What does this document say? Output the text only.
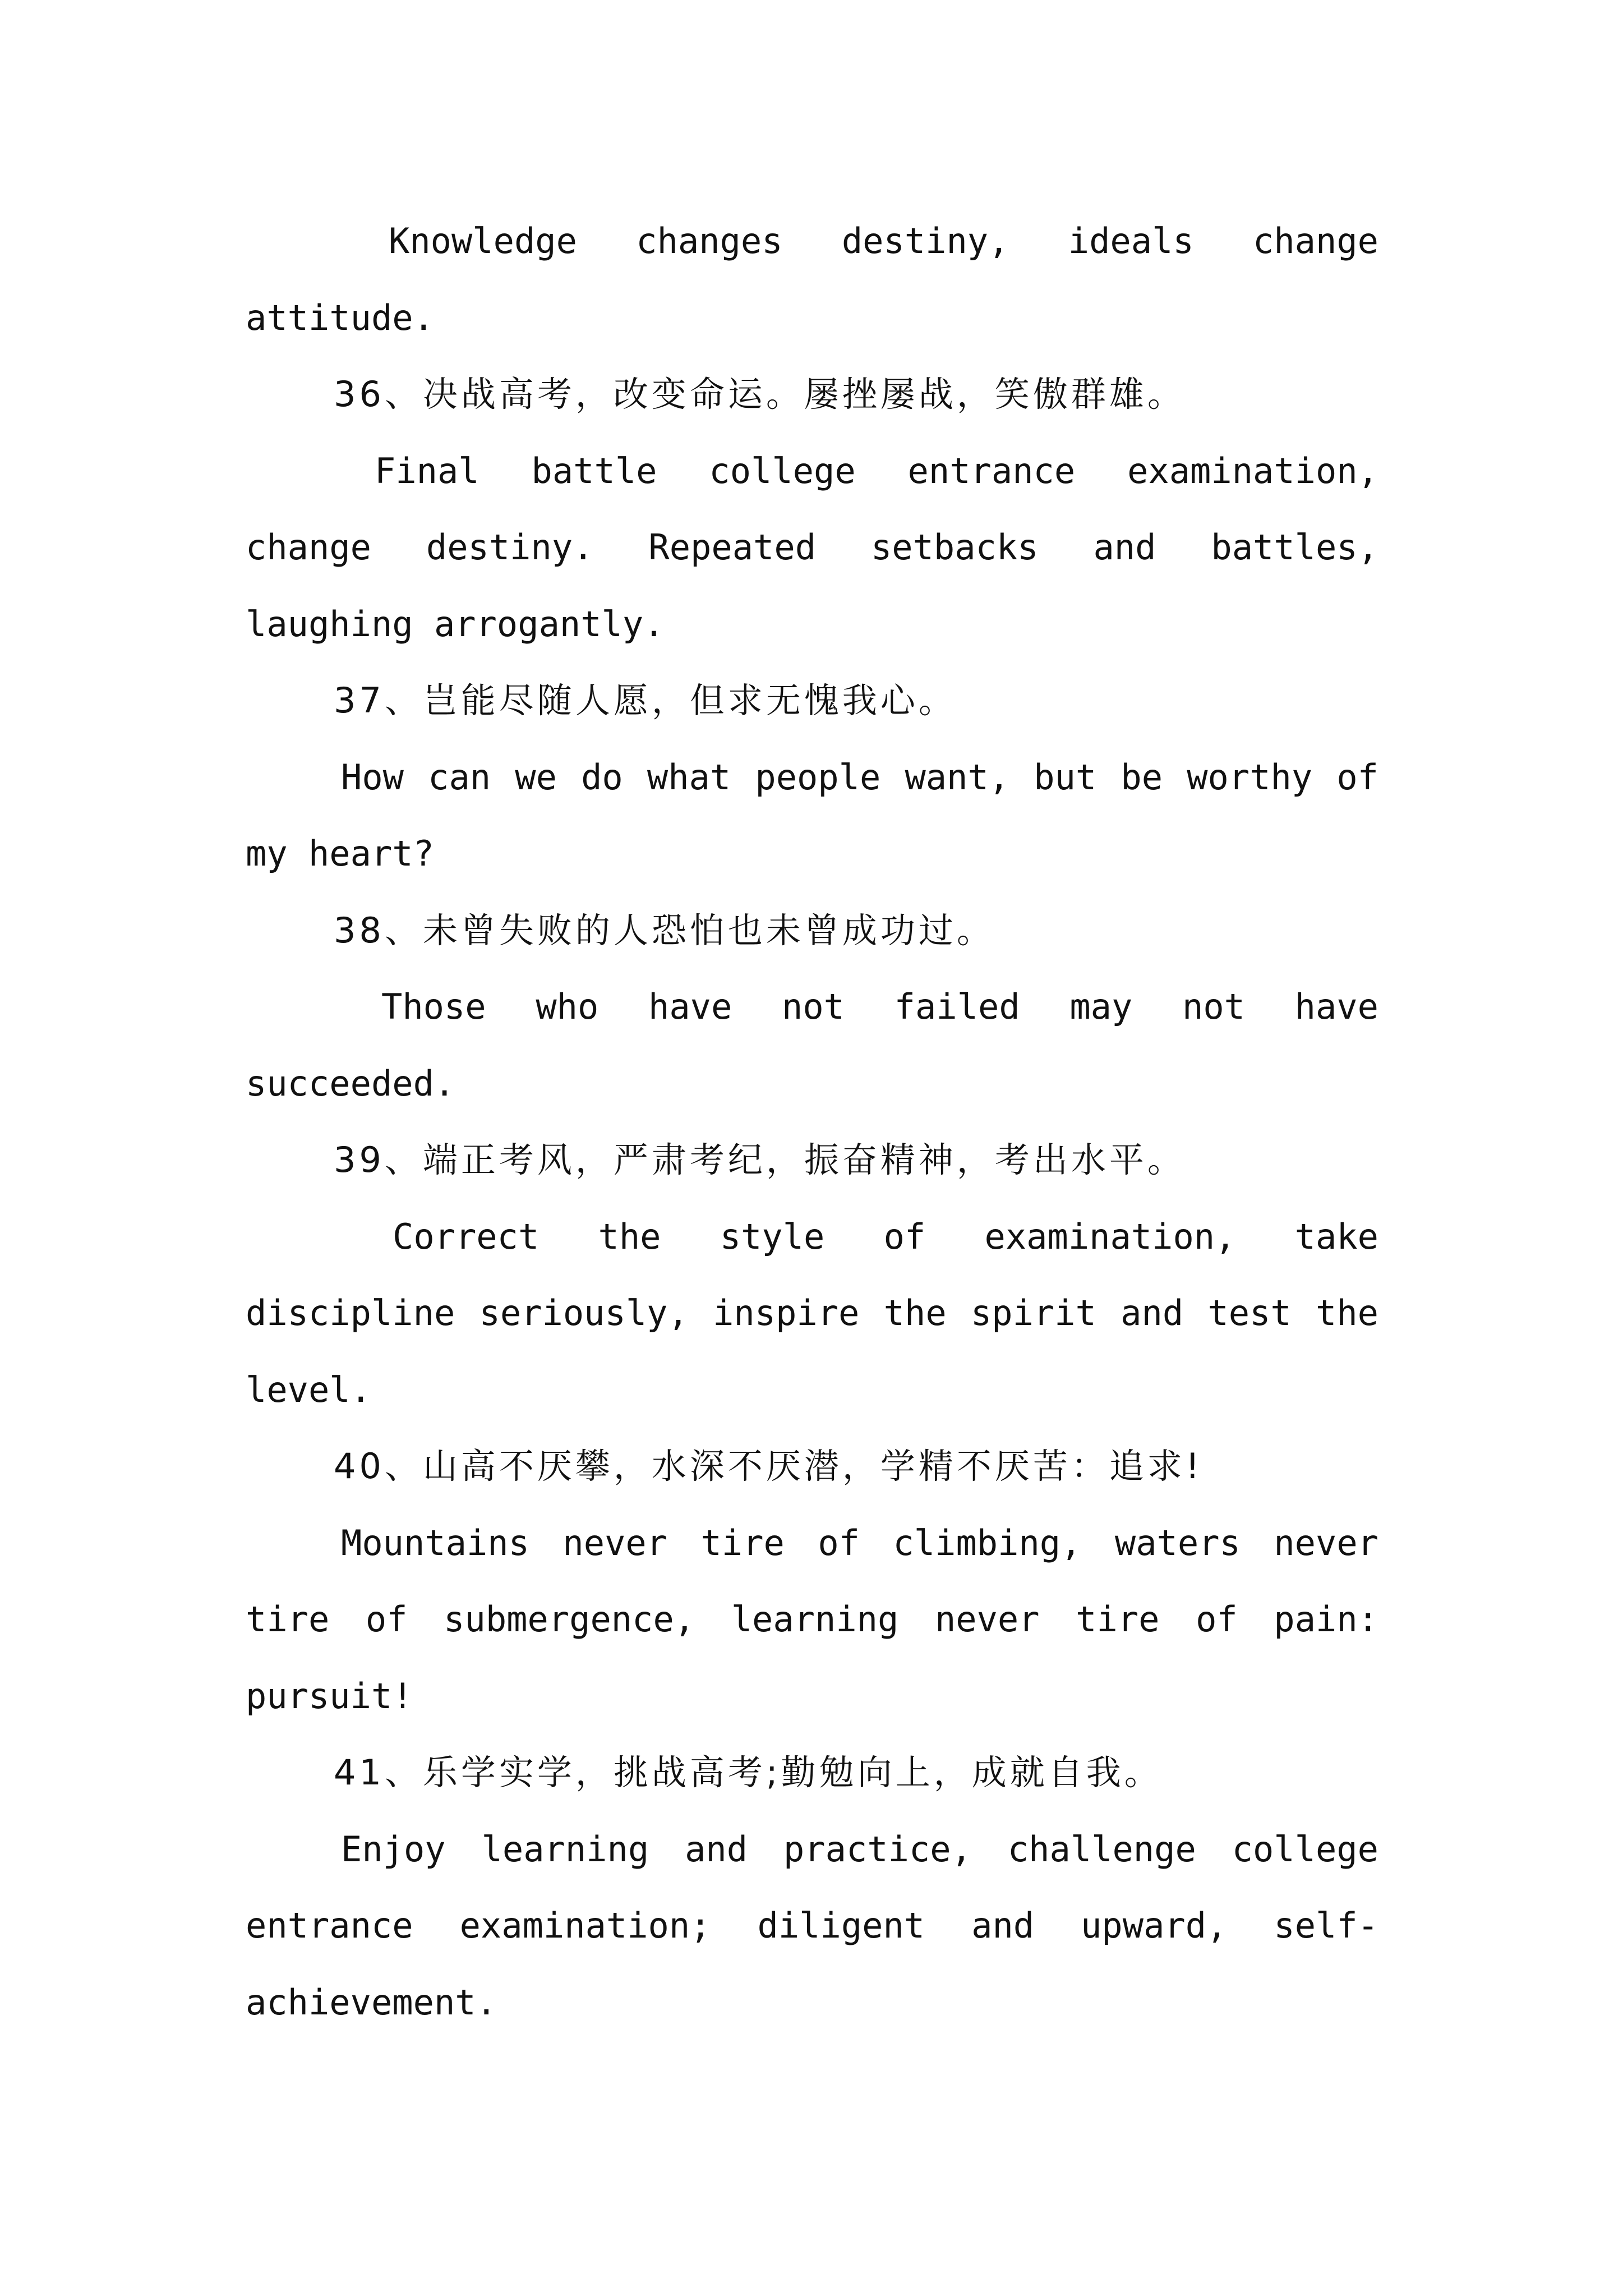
Knowledge changes destiny, ideals change attitude.

36、决战高考，改变命运。屡挫屡战，笑傲群雄。

Final battle college entrance examination, change destiny. Repeated setbacks and battles, laughing arrogantly.

37、岂能尽随人愿，但求无愧我心。

How can we do what people want, but be worthy of my heart?

38、未曾失败的人恐怕也未曾成功过。

Those who have not failed may not have succeeded.

39、端正考风，严肃考纪，振奋精神，考出水平。

Correct the style of examination, take discipline seriously, inspire the spirit and test the level.

40、山高不厌攀，水深不厌潜，学精不厌苦：追求!

Mountains never tire of climbing, waters never tire of submergence, learning never tire of pain: pursuit!

41、乐学实学，挑战高考;勤勉向上，成就自我。

Enjoy learning and practice, challenge college entrance examination; diligent and upward, self-achievement.
